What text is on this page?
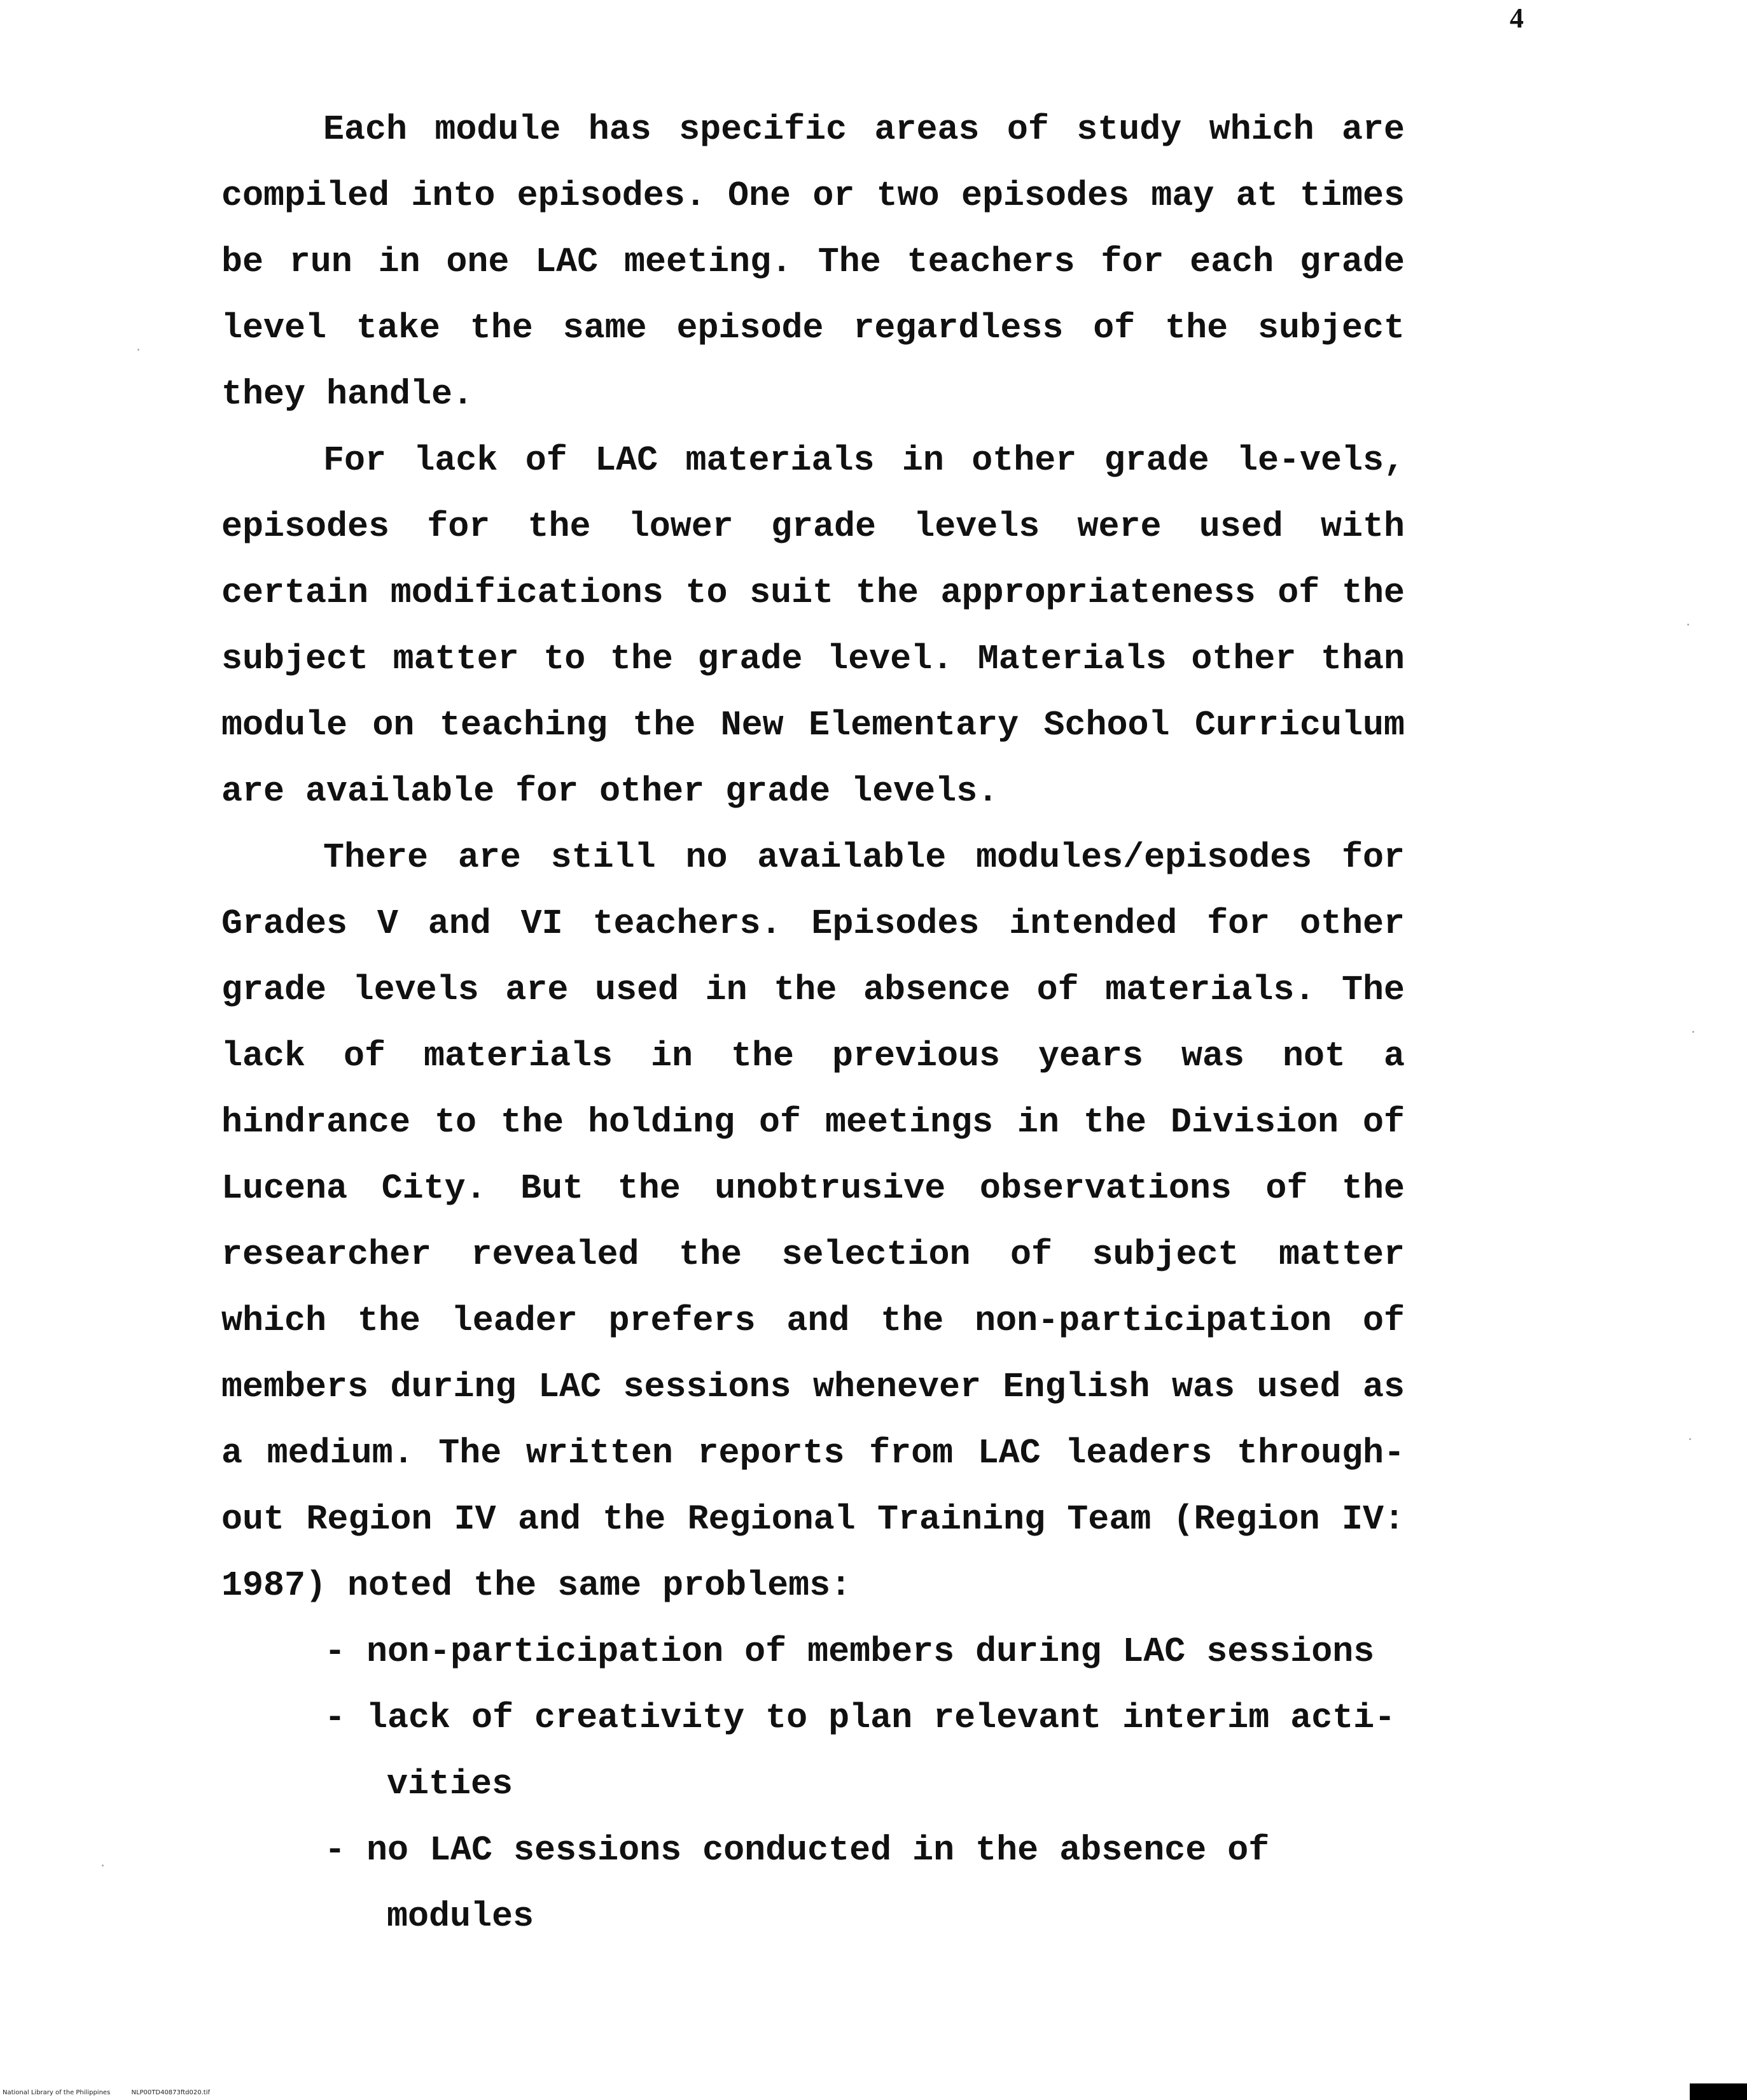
4

Each module has specific areas of study which are compiled into episodes. One or two episodes may at times be run in one LAC meeting. The teachers for each grade level take the same episode regardless of the subject they handle.

For lack of LAC materials in other grade le-vels, episodes for the lower grade levels were used with certain modifications to suit the appropriateness of the subject matter to the grade level. Materials other than module on teaching the New Elementary School Curriculum are available for other grade levels.

There are still no available modules/episodes for Grades V and VI teachers. Episodes intended for other grade levels are used in the absence of materials. The lack of materials in the previous years was not a hindrance to the holding of meetings in the Division of Lucena City. But the unobtrusive observations of the researcher revealed the selection of subject matter which the leader prefers and the non-participation of members during LAC sessions whenever English was used as a medium. The written reports from LAC leaders through-out Region IV and the Regional Training Team (Region IV: 1987) noted the same problems:

- non-participation of members during LAC sessions
- lack of creativity to plan relevant interim acti-vities
- no LAC sessions conducted in the absence of modules
National Library of the Philippines	NLP00TD40873ftd020.tif
